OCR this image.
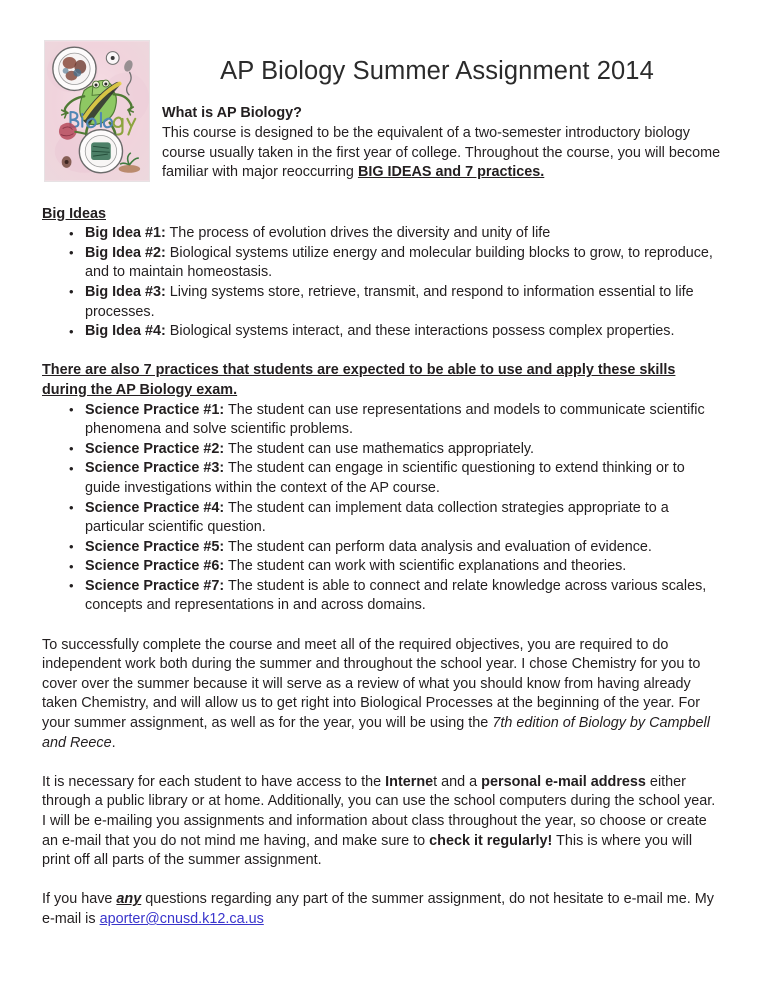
AP Biology Summer Assignment 2014
What is AP Biology?
This course is designed to be the equivalent of a two-semester introductory biology course usually taken in the first year of college. Throughout the course, you will become familiar with major reoccurring BIG IDEAS and 7 practices.
Big Ideas
• Big Idea #1: The process of evolution drives the diversity and unity of life
• Big Idea #2: Biological systems utilize energy and molecular building blocks to grow, to reproduce, and to maintain homeostasis.
• Big Idea #3: Living systems store, retrieve, transmit, and respond to information essential to life processes.
• Big Idea #4: Biological systems interact, and these interactions possess complex properties.
There are also 7 practices that students are expected to be able to use and apply these skills during the AP Biology exam.
• Science Practice #1: The student can use representations and models to communicate scientific phenomena and solve scientific problems.
• Science Practice #2: The student can use mathematics appropriately.
• Science Practice #3: The student can engage in scientific questioning to extend thinking or to guide investigations within the context of the AP course.
• Science Practice #4: The student can implement data collection strategies appropriate to a particular scientific question.
• Science Practice #5: The student can perform data analysis and evaluation of evidence.
• Science Practice #6: The student can work with scientific explanations and theories.
• Science Practice #7: The student is able to connect and relate knowledge across various scales, concepts and representations in and across domains.

To successfully complete the course and meet all of the required objectives, you are required to do independent work both during the summer and throughout the school year. I chose Chemistry for you to cover over the summer because it will serve as a review of what you should know from having already taken Chemistry, and will allow us to get right into Biological Processes at the beginning of the year. For your summer assignment, as well as for the year, you will be using the 7th edition of Biology by Campbell and Reece.

It is necessary for each student to have access to the Internet and a personal e-mail address either through a public library or at home. Additionally, you can use the school computers during the school year. I will be e-mailing you assignments and information about class throughout the year, so choose or create an e-mail that you do not mind me having, and make sure to check it regularly! This is where you will print off all parts of the summer assignment.

If you have any questions regarding any part of the summer assignment, do not hesitate to e-mail me. My e-mail is aporter@cnusd.k12.ca.us
